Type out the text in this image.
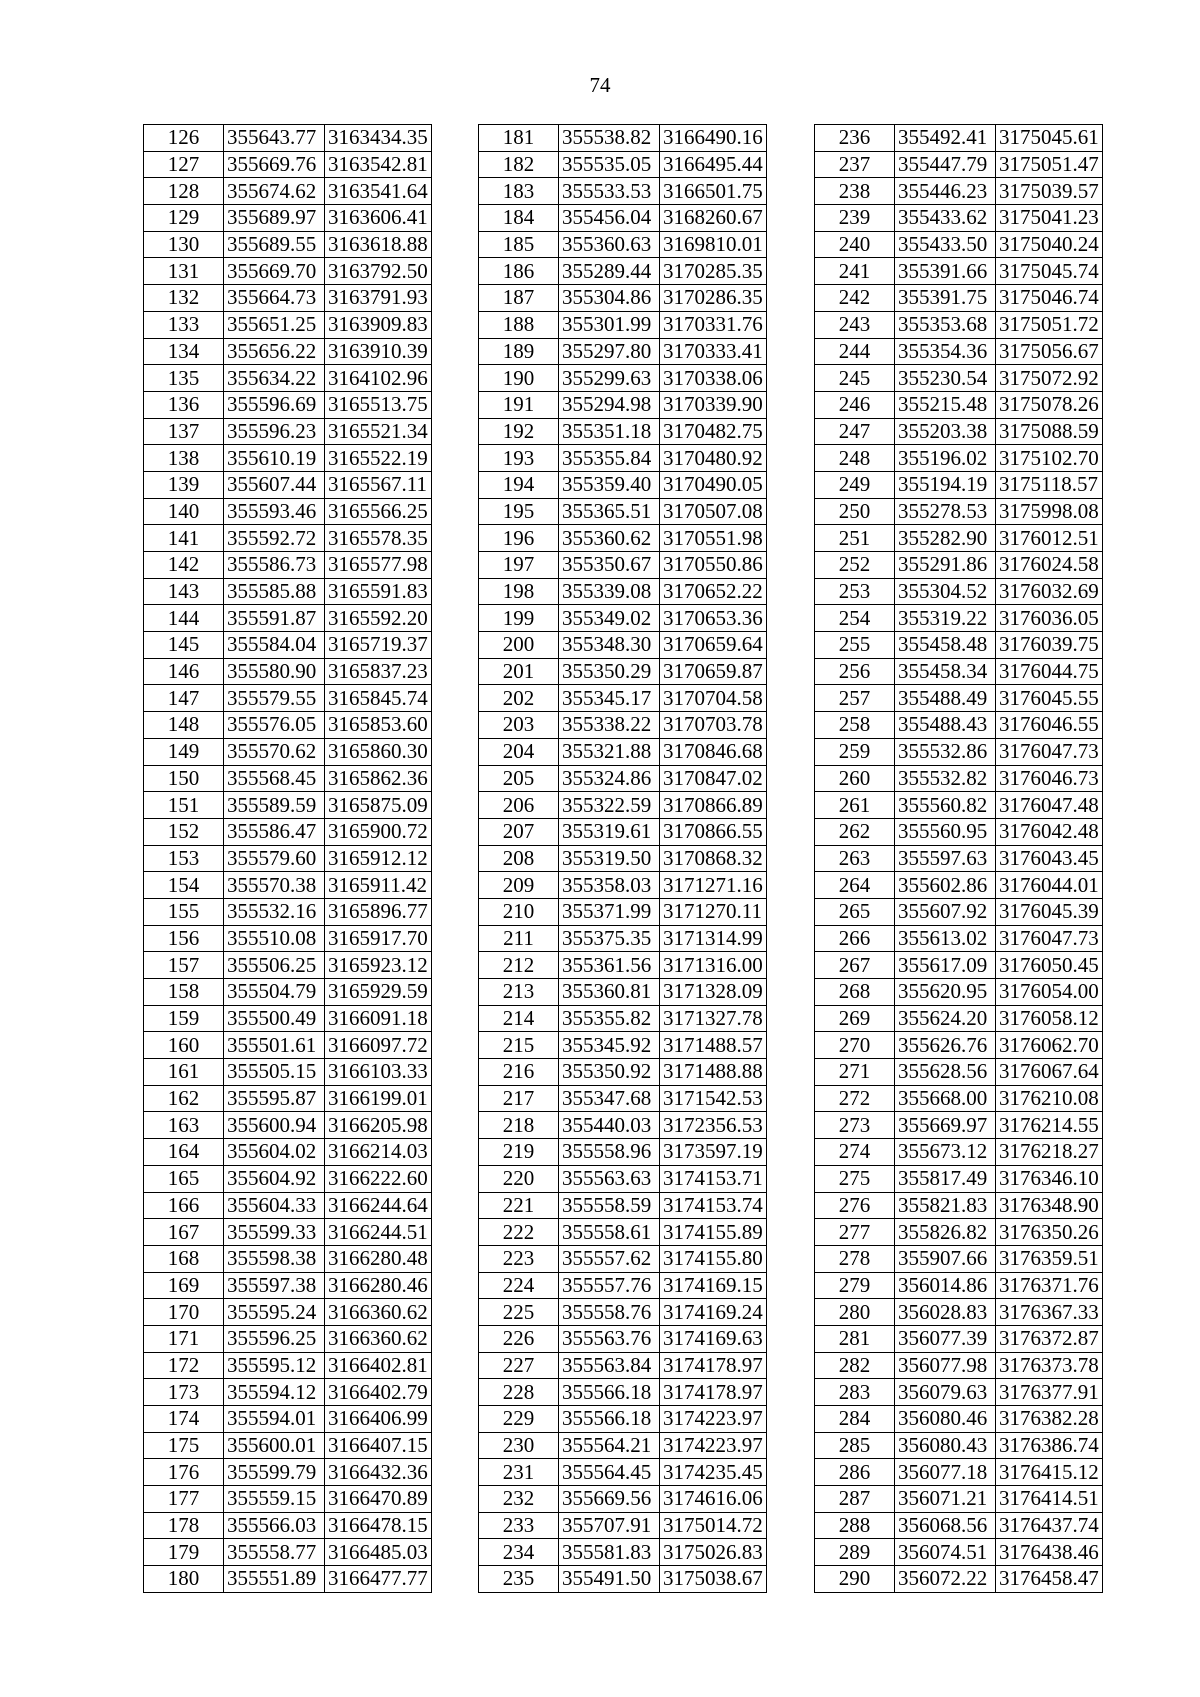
74
126	355643.77	3163434.35
127	355669.76	3163542.81
128	355674.62	3163541.64
129	355689.97	3163606.41
130	355689.55	3163618.88
131	355669.70	3163792.50
132	355664.73	3163791.93
133	355651.25	3163909.83
134	355656.22	3163910.39
135	355634.22	3164102.96
136	355596.69	3165513.75
137	355596.23	3165521.34
138	355610.19	3165522.19
139	355607.44	3165567.11
140	355593.46	3165566.25
141	355592.72	3165578.35
142	355586.73	3165577.98
143	355585.88	3165591.83
144	355591.87	3165592.20
145	355584.04	3165719.37
146	355580.90	3165837.23
147	355579.55	3165845.74
148	355576.05	3165853.60
149	355570.62	3165860.30
150	355568.45	3165862.36
151	355589.59	3165875.09
152	355586.47	3165900.72
153	355579.60	3165912.12
154	355570.38	3165911.42
155	355532.16	3165896.77
156	355510.08	3165917.70
157	355506.25	3165923.12
158	355504.79	3165929.59
159	355500.49	3166091.18
160	355501.61	3166097.72
161	355505.15	3166103.33
162	355595.87	3166199.01
163	355600.94	3166205.98
164	355604.02	3166214.03
165	355604.92	3166222.60
166	355604.33	3166244.64
167	355599.33	3166244.51
168	355598.38	3166280.48
169	355597.38	3166280.46
170	355595.24	3166360.62
171	355596.25	3166360.62
172	355595.12	3166402.81
173	355594.12	3166402.79
174	355594.01	3166406.99
175	355600.01	3166407.15
176	355599.79	3166432.36
177	355559.15	3166470.89
178	355566.03	3166478.15
179	355558.77	3166485.03
180	355551.89	3166477.77
181	355538.82	3166490.16
182	355535.05	3166495.44
183	355533.53	3166501.75
184	355456.04	3168260.67
185	355360.63	3169810.01
186	355289.44	3170285.35
187	355304.86	3170286.35
188	355301.99	3170331.76
189	355297.80	3170333.41
190	355299.63	3170338.06
191	355294.98	3170339.90
192	355351.18	3170482.75
193	355355.84	3170480.92
194	355359.40	3170490.05
195	355365.51	3170507.08
196	355360.62	3170551.98
197	355350.67	3170550.86
198	355339.08	3170652.22
199	355349.02	3170653.36
200	355348.30	3170659.64
201	355350.29	3170659.87
202	355345.17	3170704.58
203	355338.22	3170703.78
204	355321.88	3170846.68
205	355324.86	3170847.02
206	355322.59	3170866.89
207	355319.61	3170866.55
208	355319.50	3170868.32
209	355358.03	3171271.16
210	355371.99	3171270.11
211	355375.35	3171314.99
212	355361.56	3171316.00
213	355360.81	3171328.09
214	355355.82	3171327.78
215	355345.92	3171488.57
216	355350.92	3171488.88
217	355347.68	3171542.53
218	355440.03	3172356.53
219	355558.96	3173597.19
220	355563.63	3174153.71
221	355558.59	3174153.74
222	355558.61	3174155.89
223	355557.62	3174155.80
224	355557.76	3174169.15
225	355558.76	3174169.24
226	355563.76	3174169.63
227	355563.84	3174178.97
228	355566.18	3174178.97
229	355566.18	3174223.97
230	355564.21	3174223.97
231	355564.45	3174235.45
232	355669.56	3174616.06
233	355707.91	3175014.72
234	355581.83	3175026.83
235	355491.50	3175038.67
236	355492.41	3175045.61
237	355447.79	3175051.47
238	355446.23	3175039.57
239	355433.62	3175041.23
240	355433.50	3175040.24
241	355391.66	3175045.74
242	355391.75	3175046.74
243	355353.68	3175051.72
244	355354.36	3175056.67
245	355230.54	3175072.92
246	355215.48	3175078.26
247	355203.38	3175088.59
248	355196.02	3175102.70
249	355194.19	3175118.57
250	355278.53	3175998.08
251	355282.90	3176012.51
252	355291.86	3176024.58
253	355304.52	3176032.69
254	355319.22	3176036.05
255	355458.48	3176039.75
256	355458.34	3176044.75
257	355488.49	3176045.55
258	355488.43	3176046.55
259	355532.86	3176047.73
260	355532.82	3176046.73
261	355560.82	3176047.48
262	355560.95	3176042.48
263	355597.63	3176043.45
264	355602.86	3176044.01
265	355607.92	3176045.39
266	355613.02	3176047.73
267	355617.09	3176050.45
268	355620.95	3176054.00
269	355624.20	3176058.12
270	355626.76	3176062.70
271	355628.56	3176067.64
272	355668.00	3176210.08
273	355669.97	3176214.55
274	355673.12	3176218.27
275	355817.49	3176346.10
276	355821.83	3176348.90
277	355826.82	3176350.26
278	355907.66	3176359.51
279	356014.86	3176371.76
280	356028.83	3176367.33
281	356077.39	3176372.87
282	356077.98	3176373.78
283	356079.63	3176377.91
284	356080.46	3176382.28
285	356080.43	3176386.74
286	356077.18	3176415.12
287	356071.21	3176414.51
288	356068.56	3176437.74
289	356074.51	3176438.46
290	356072.22	3176458.47
